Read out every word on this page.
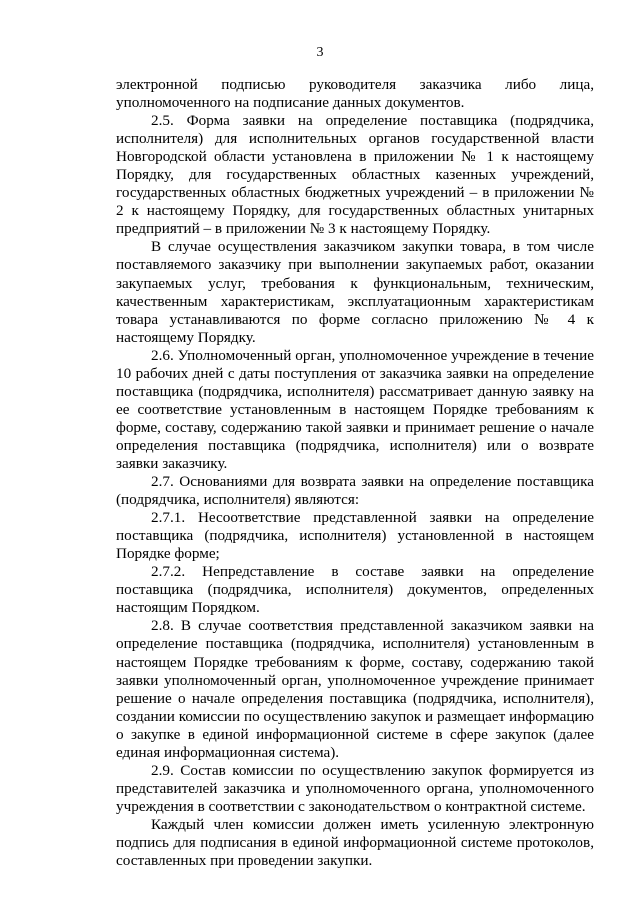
3

электронной подписью руководителя заказчика либо лица, уполномоченного на подписание данных документов.

2.5. Форма заявки на определение поставщика (подрядчика, исполнителя) для исполнительных органов государственной власти Новгородской области установлена в приложении № 1 к настоящему Порядку, для государственных областных казенных учреждений, государственных областных бюджетных учреждений – в приложении № 2 к настоящему Порядку, для государственных областных унитарных предприятий – в приложении № 3 к настоящему Порядку.

В случае осуществления заказчиком закупки товара, в том числе поставляемого заказчику при выполнении закупаемых работ, оказании закупаемых услуг, требования к функциональным, техническим, качественным характеристикам, эксплуатационным характеристикам товара устанавливаются по форме согласно приложению № 4 к настоящему Порядку.

2.6. Уполномоченный орган, уполномоченное учреждение в течение 10 рабочих дней с даты поступления от заказчика заявки на определение поставщика (подрядчика, исполнителя) рассматривает данную заявку на ее соответствие установленным в настоящем Порядке требованиям к форме, составу, содержанию такой заявки и принимает решение о начале определения поставщика (подрядчика, исполнителя) или о возврате заявки заказчику.

2.7. Основаниями для возврата заявки на определение поставщика (подрядчика, исполнителя) являются:

2.7.1. Несоответствие представленной заявки на определение поставщика (подрядчика, исполнителя) установленной в настоящем Порядке форме;

2.7.2. Непредставление в составе заявки на определение поставщика (подрядчика, исполнителя) документов, определенных настоящим Порядком.

2.8. В случае соответствия представленной заказчиком заявки на определение поставщика (подрядчика, исполнителя) установленным в настоящем Порядке требованиям к форме, составу, содержанию такой заявки уполномоченный орган, уполномоченное учреждение принимает решение о начале определения поставщика (подрядчика, исполнителя), создании комиссии по осуществлению закупок и размещает информацию о закупке в единой информационной системе в сфере закупок (далее единая информационная система).

2.9. Состав комиссии по осуществлению закупок формируется из представителей заказчика и уполномоченного органа, уполномоченного учреждения в соответствии с законодательством о контрактной системе.

Каждый член комиссии должен иметь усиленную электронную подпись для подписания в единой информационной системе протоколов, составленных при проведении закупки.
